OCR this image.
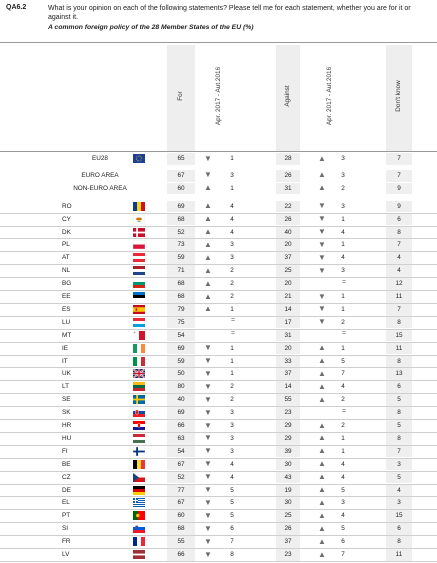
QA6.2	What is your opinion on each of the following statements? Please tell me for each statement, whether you are for it or against it.
A common foreign policy of the 28 Member States of the EU (%)
For	Apr. 2017 - Aut.2016	Against	Apr. 2017 - Aut.2016	Don't know
EU28	65	▼	1	28	▲	3	7
EURO AREA	67	▼	3	26	▲	3	7
NON-EURO AREA	60	▲	1	31	▲	2	9
RO	69	▲	4	22	▼	3	9
CY	68	▲	4	26	▼	1	6
DK	52	▲	4	40	▼	4	8
PL	73	▲	3	20	▼	1	7
AT	59	▲	3	37	▼	4	4
NL	71	▲	2	25	▼	3	4
BG	68	▲	2	20	=	12
EE	68	▲	2	21	▼	1	11
ES	79	▲	1	14	▼	1	7
LU	75	=	17	▼	2	8
MT	54	=	31	=	15
IE	69	▼	1	20	▲	1	11
IT	59	▼	1	33	▲	5	8
UK	50	▼	1	37	▲	7	13
LT	80	▼	2	14	▲	4	6
SE	40	▼	2	55	▲	2	5
SK	69	▼	3	23	=	8
HR	66	▼	3	29	▲	2	5
HU	63	▼	3	29	▲	1	8
FI	54	▼	3	39	▲	1	7
BE	67	▼	4	30	▲	4	3
CZ	52	▼	4	43	▲	4	5
DE	77	▼	5	19	▲	5	4
EL	67	▼	5	30	▲	3	3
PT	60	▼	5	25	▲	4	15
SI	68	▼	6	26	▲	5	6
FR	55	▼	7	37	▲	6	8
LV	66	▼	8	23	▲	7	11
